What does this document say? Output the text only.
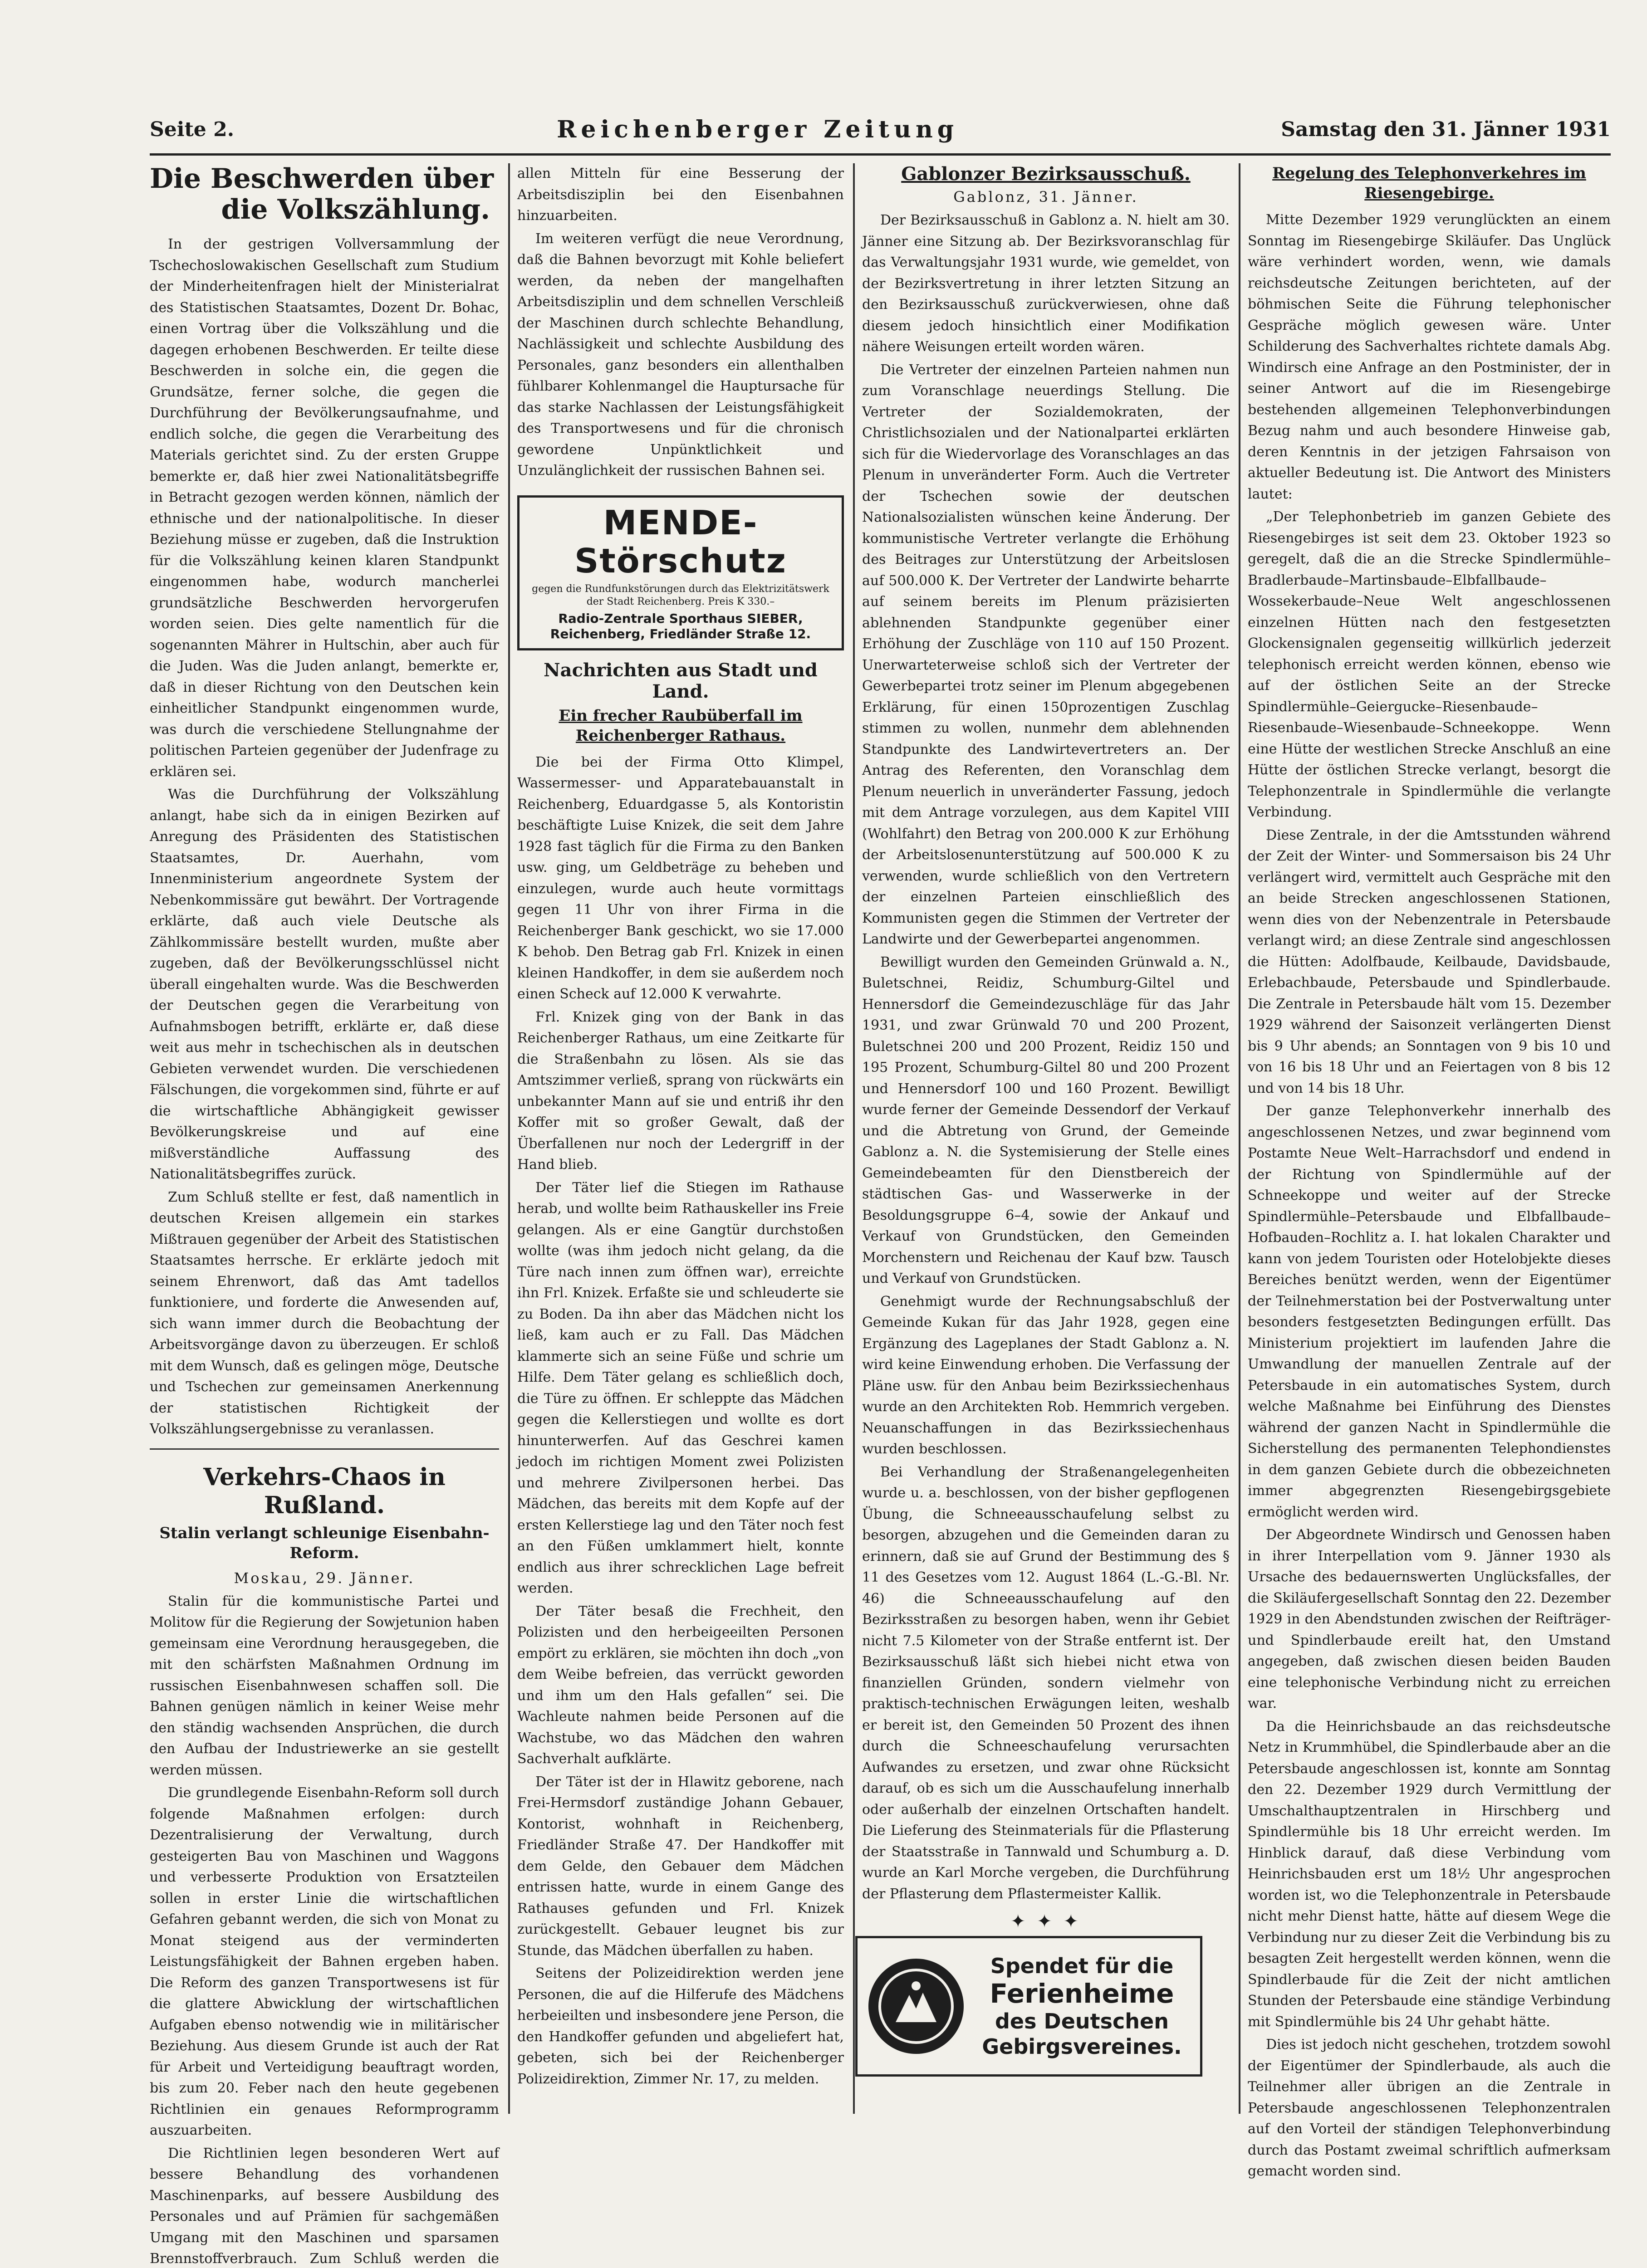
Seite 2.	Reichenberger Zeitung	Samstag den 31. Jänner 1931
Die Beschwerden über
die Volkszählung.

In der gestrigen Vollversammlung der Tschechoslowakischen Gesellschaft zum Studium der Minderheitenfragen hielt der Ministerialrat des Statistischen Staatsamtes, Dozent Dr. Bohac, einen Vortrag über die Volkszählung und die dagegen erhobenen Beschwerden. Er teilte diese Beschwerden in solche ein, die gegen die Grundsätze, ferner solche, die gegen die Durchführung der Bevölkerungsaufnahme, und endlich solche, die gegen die Verarbeitung des Materials gerichtet sind. Zu der ersten Gruppe bemerkte er, daß hier zwei Nationalitätsbegriffe in Betracht gezogen werden können, nämlich der ethnische und der nationalpolitische. In dieser Beziehung müsse er zugeben, daß die Instruktion für die Volkszählung keinen klaren Standpunkt eingenommen habe, wodurch mancherlei grundsätzliche Beschwerden hervorgerufen worden seien. Dies gelte namentlich für die sogenannten Mährer in Hultschin, aber auch für die Juden. Was die Juden anlangt, bemerkte er, daß in dieser Richtung von den Deutschen kein einheitlicher Standpunkt eingenommen wurde, was durch die verschiedene Stellungnahme der politischen Parteien gegenüber der Judenfrage zu erklären sei.

Was die Durchführung der Volkszählung anlangt, habe sich da in einigen Bezirken auf Anregung des Präsidenten des Statistischen Staatsamtes, Dr. Auerhahn, vom Innenministerium angeordnete System der Nebenkommissäre gut bewährt. Der Vortragende erklärte, daß auch viele Deutsche als Zählkommissäre bestellt wurden, mußte aber zugeben, daß der Bevölkerungsschlüssel nicht überall eingehalten wurde. Was die Beschwerden der Deutschen gegen die Verarbeitung von Aufnahmsbogen betrifft, erklärte er, daß diese weit aus mehr in tschechischen als in deutschen Gebieten verwendet wurden. Die verschiedenen Fälschungen, die vorgekommen sind, führte er auf die wirtschaftliche Abhängigkeit gewisser Bevölkerungskreise und auf eine mißverständliche Auffassung des Nationalitätsbegriffes zurück.

Zum Schluß stellte er fest, daß namentlich in deutschen Kreisen allgemein ein starkes Mißtrauen gegenüber der Arbeit des Statistischen Staatsamtes herrsche. Er erklärte jedoch mit seinem Ehrenwort, daß das Amt tadellos funktioniere, und forderte die Anwesenden auf, sich wann immer durch die Beobachtung der Arbeitsvorgänge davon zu überzeugen. Er schloß mit dem Wunsch, daß es gelingen möge, Deutsche und Tschechen zur gemeinsamen Anerkennung der statistischen Richtigkeit der Volkszählungsergebnisse zu veranlassen.

Verkehrs-Chaos in Rußland.
Stalin verlangt schleunige Eisenbahn-Reform.
Moskau, 29. Jänner.

Stalin für die kommunistische Partei und Molitow für die Regierung der Sowjetunion haben gemeinsam eine Verordnung herausgegeben, die mit den schärfsten Maßnahmen Ordnung im russischen Eisenbahnwesen schaffen soll. Die Bahnen genügen nämlich in keiner Weise mehr den ständig wachsenden Ansprüchen, die durch den Aufbau der Industriewerke an sie gestellt werden müssen.

Die grundlegende Eisenbahn-Reform soll durch folgende Maßnahmen erfolgen: durch Dezentralisierung der Verwaltung, durch gesteigerten Bau von Maschinen und Waggons und verbesserte Produktion von Ersatzteilen sollen in erster Linie die wirtschaftlichen Gefahren gebannt werden, die sich von Monat zu Monat steigend aus der verminderten Leistungsfähigkeit der Bahnen ergeben haben. Die Reform des ganzen Transportwesens ist für die glattere Abwicklung der wirtschaftlichen Aufgaben ebenso notwendig wie in militärischer Beziehung. Aus diesem Grunde ist auch der Rat für Arbeit und Verteidigung beauftragt worden, bis zum 20. Feber nach den heute gegebenen Richtlinien ein genaues Reformprogramm auszuarbeiten.

Die Richtlinien legen besonderen Wert auf bessere Behandlung des vorhandenen Maschinenparks, auf bessere Ausbildung des Personales und auf Prämien für sachgemäßen Umgang mit den Maschinen und sparsamen Brennstoffverbrauch. Zum Schluß werden die

allen Mitteln für eine Besserung der Arbeitsdisziplin bei den Eisenbahnen hinzuarbeiten.

Im weiteren verfügt die neue Verordnung, daß die Bahnen bevorzugt mit Kohle beliefert werden, da neben der mangelhaften Arbeitsdisziplin und dem schnellen Verschleiß der Maschinen durch schlechte Behandlung, Nachlässigkeit und schlechte Ausbildung des Personales, ganz besonders ein allenthalben fühlbarer Kohlenmangel die Hauptursache für das starke Nachlassen der Leistungsfähigkeit des Transportwesens und für die chronisch gewordene Unpünktlichkeit und Unzulänglichkeit der russischen Bahnen sei.

MENDE-Störschutz
gegen die Rundfunkstörungen durch das Elektrizitätswerk der Stadt Reichenberg. Preis K 330.–
Radio-Zentrale Sporthaus SIEBER,
Reichenberg, Friedländer Straße 12.
Nachrichten aus Stadt und Land.
Ein frecher Raubüberfall im Reichenberger Rathaus.

Die bei der Firma Otto Klimpel, Wassermesser- und Apparatebauanstalt in Reichenberg, Eduardgasse 5, als Kontoristin beschäftigte Luise Knizek, die seit dem Jahre 1928 fast täglich für die Firma zu den Banken usw. ging, um Geldbeträge zu beheben und einzulegen, wurde auch heute vormittags gegen 11 Uhr von ihrer Firma in die Reichenberger Bank geschickt, wo sie 17.000 K behob. Den Betrag gab Frl. Knizek in einen kleinen Handkoffer, in dem sie außerdem noch einen Scheck auf 12.000 K verwahrte.

Frl. Knizek ging von der Bank in das Reichenberger Rathaus, um eine Zeitkarte für die Straßenbahn zu lösen. Als sie das Amtszimmer verließ, sprang von rückwärts ein unbekannter Mann auf sie und entriß ihr den Koffer mit so großer Gewalt, daß der Überfallenen nur noch der Ledergriff in der Hand blieb.

Der Täter lief die Stiegen im Rathause herab, und wollte beim Rathauskeller ins Freie gelangen. Als er eine Gangtür durchstoßen wollte (was ihm jedoch nicht gelang, da die Türe nach innen zum öffnen war), erreichte ihn Frl. Knizek. Erfaßte sie und schleuderte sie zu Boden. Da ihn aber das Mädchen nicht los ließ, kam auch er zu Fall. Das Mädchen klammerte sich an seine Füße und schrie um Hilfe. Dem Täter gelang es schließlich doch, die Türe zu öffnen. Er schleppte das Mädchen gegen die Kellerstiegen und wollte es dort hinunterwerfen. Auf das Geschrei kamen jedoch im richtigen Moment zwei Polizisten und mehrere Zivilpersonen herbei. Das Mädchen, das bereits mit dem Kopfe auf der ersten Kellerstiege lag und den Täter noch fest an den Füßen umklammert hielt, konnte endlich aus ihrer schrecklichen Lage befreit werden.

Der Täter besaß die Frechheit, den Polizisten und den herbeigeeilten Personen empört zu erklären, sie möchten ihn doch „von dem Weibe befreien, das verrückt geworden und ihm um den Hals gefallen“ sei. Die Wachleute nahmen beide Personen auf die Wachstube, wo das Mädchen den wahren Sachverhalt aufklärte.

Der Täter ist der in Hlawitz geborene, nach Frei-Hermsdorf zuständige Johann Gebauer, Kontorist, wohnhaft in Reichenberg, Friedländer Straße 47. Der Handkoffer mit dem Gelde, den Gebauer dem Mädchen entrissen hatte, wurde in einem Gange des Rathauses gefunden und Frl. Knizek zurückgestellt. Gebauer leugnet bis zur Stunde, das Mädchen überfallen zu haben.

Seitens der Polizeidirektion werden jene Personen, die auf die Hilferufe des Mädchens herbeieilten und insbesondere jene Person, die den Handkoffer gefunden und abgeliefert hat, gebeten, sich bei der Reichenberger Polizeidirektion, Zimmer Nr. 17, zu melden.

Gablonzer Bezirksausschuß.
Gablonz, 31. Jänner.

Der Bezirksausschuß in Gablonz a. N. hielt am 30. Jänner eine Sitzung ab. Der Bezirksvoranschlag für das Verwaltungsjahr 1931 wurde, wie gemeldet, von der Bezirksvertretung in ihrer letzten Sitzung an den Bezirksausschuß zurückverwiesen, ohne daß diesem jedoch hinsichtlich einer Modifikation nähere Weisungen erteilt worden wären.

Die Vertreter der einzelnen Parteien nahmen nun zum Voranschlage neuerdings Stellung. Die Vertreter der Sozialdemokraten, der Christlichsozialen und der Nationalpartei erklärten sich für die Wiedervorlage des Voranschlages an das Plenum in unveränderter Form. Auch die Vertreter der Tschechen sowie der deutschen Nationalsozialisten wünschen keine Änderung. Der kommunistische Vertreter verlangte die Erhöhung des Beitrages zur Unterstützung der Arbeitslosen auf 500.000 K. Der Vertreter der Landwirte beharrte auf seinem bereits im Plenum präzisierten ablehnenden Standpunkte gegenüber einer Erhöhung der Zuschläge von 110 auf 150 Prozent. Unerwarteterweise schloß sich der Vertreter der Gewerbepartei trotz seiner im Plenum abgegebenen Erklärung, für einen 150prozentigen Zuschlag stimmen zu wollen, nunmehr dem ablehnenden Standpunkte des Landwirtevertreters an. Der Antrag des Referenten, den Voranschlag dem Plenum neuerlich in unveränderter Fassung, jedoch mit dem Antrage vorzulegen, aus dem Kapitel VIII (Wohlfahrt) den Betrag von 200.000 K zur Erhöhung der Arbeitslosenunterstützung auf 500.000 K zu verwenden, wurde schließlich von den Vertretern der einzelnen Parteien einschließlich des Kommunisten gegen die Stimmen der Vertreter der Landwirte und der Gewerbepartei angenommen.

Bewilligt wurden den Gemeinden Grünwald a. N., Buletschnei, Reidiz, Schumburg-Giltel und Hennersdorf die Gemeindezuschläge für das Jahr 1931, und zwar Grünwald 70 und 200 Prozent, Buletschnei 200 und 200 Prozent, Reidiz 150 und 195 Prozent, Schumburg-Giltel 80 und 200 Prozent und Hennersdorf 100 und 160 Prozent. Bewilligt wurde ferner der Gemeinde Dessendorf der Verkauf und die Abtretung von Grund, der Gemeinde Gablonz a. N. die Systemisierung der Stelle eines Gemeindebeamten für den Dienstbereich der städtischen Gas- und Wasserwerke in der Besoldungsgruppe 6–4, sowie der Ankauf und Verkauf von Grundstücken, den Gemeinden Morchenstern und Reichenau der Kauf bzw. Tausch und Verkauf von Grundstücken.

Genehmigt wurde der Rechnungsabschluß der Gemeinde Kukan für das Jahr 1928, gegen eine Ergänzung des Lageplanes der Stadt Gablonz a. N. wird keine Einwendung erhoben. Die Verfassung der Pläne usw. für den Anbau beim Bezirkssiechenhaus wurde an den Architekten Rob. Hemmrich vergeben. Neuanschaffungen in das Bezirkssiechenhaus wurden beschlossen.

Bei Verhandlung der Straßenangelegenheiten wurde u. a. beschlossen, von der bisher gepflogenen Übung, die Schneeausschaufelung selbst zu besorgen, abzugehen und die Gemeinden daran zu erinnern, daß sie auf Grund der Bestimmung des § 11 des Gesetzes vom 12. August 1864 (L.-G.-Bl. Nr. 46) die Schneeausschaufelung auf den Bezirksstraßen zu besorgen haben, wenn ihr Gebiet nicht 7.5 Kilometer von der Straße entfernt ist. Der Bezirksausschuß läßt sich hiebei nicht etwa von finanziellen Gründen, sondern vielmehr von praktisch-technischen Erwägungen leiten, weshalb er bereit ist, den Gemeinden 50 Prozent des ihnen durch die Schneeschaufelung verursachten Aufwandes zu ersetzen, und zwar ohne Rücksicht darauf, ob es sich um die Ausschaufelung innerhalb oder außerhalb der einzelnen Ortschaften handelt. Die Lieferung des Steinmaterials für die Pflasterung der Staatsstraße in Tannwald und Schumburg a. D. wurde an Karl Morche vergeben, die Durchführung der Pflasterung dem Pflastermeister Kallik.

✦ ✦ ✦
Spendet für die
Ferienheime
des Deutschen
Gebirgsvereines.
Regelung des Telephonverkehres im Riesengebirge.

Mitte Dezember 1929 verunglückten an einem Sonntag im Riesengebirge Skiläufer. Das Unglück wäre verhindert worden, wenn, wie damals reichsdeutsche Zeitungen berichteten, auf der böhmischen Seite die Führung telephonischer Gespräche möglich gewesen wäre. Unter Schilderung des Sachverhaltes richtete damals Abg. Windirsch eine Anfrage an den Postminister, der in seiner Antwort auf die im Riesengebirge bestehenden allgemeinen Telephonverbindungen Bezug nahm und auch besondere Hinweise gab, deren Kenntnis in der jetzigen Fahrsaison von aktueller Bedeutung ist. Die Antwort des Ministers lautet:

„Der Telephonbetrieb im ganzen Gebiete des Riesengebirges ist seit dem 23. Oktober 1923 so geregelt, daß die an die Strecke Spindlermühle–Bradlerbaude–Martinsbaude–Elbfallbaude–Wossekerbaude–Neue Welt angeschlossenen einzelnen Hütten nach den festgesetzten Glockensignalen gegenseitig willkürlich jederzeit telephonisch erreicht werden können, ebenso wie auf der östlichen Seite an der Strecke Spindlermühle–Geiergucke–Riesenbaude–Riesenbaude–Wiesenbaude–Schneekoppe. Wenn eine Hütte der westlichen Strecke Anschluß an eine Hütte der östlichen Strecke verlangt, besorgt die Telephonzentrale in Spindlermühle die verlangte Verbindung.

Diese Zentrale, in der die Amtsstunden während der Zeit der Winter- und Sommersaison bis 24 Uhr verlängert wird, vermittelt auch Gespräche mit den an beide Strecken angeschlossenen Stationen, wenn dies von der Nebenzentrale in Petersbaude verlangt wird; an diese Zentrale sind angeschlossen die Hütten: Adolfbaude, Keilbaude, Davidsbaude, Erlebachbaude, Petersbaude und Spindlerbaude. Die Zentrale in Petersbaude hält vom 15. Dezember 1929 während der Saisonzeit verlängerten Dienst bis 9 Uhr abends; an Sonntagen von 9 bis 10 und von 16 bis 18 Uhr und an Feiertagen von 8 bis 12 und von 14 bis 18 Uhr.

Der ganze Telephonverkehr innerhalb des angeschlossenen Netzes, und zwar beginnend vom Postamte Neue Welt–Harrachsdorf und endend in der Richtung von Spindlermühle auf der Schneekoppe und weiter auf der Strecke Spindlermühle–Petersbaude und Elbfallbaude–Hofbauden–Rochlitz a. I. hat lokalen Charakter und kann von jedem Touristen oder Hotelobjekte dieses Bereiches benützt werden, wenn der Eigentümer der Teilnehmerstation bei der Postverwaltung unter besonders festgesetzten Bedingungen erfüllt. Das Ministerium projektiert im laufenden Jahre die Umwandlung der manuellen Zentrale auf der Petersbaude in ein automatisches System, durch welche Maßnahme bei Einführung des Dienstes während der ganzen Nacht in Spindlermühle die Sicherstellung des permanenten Telephondienstes in dem ganzen Gebiete durch die obbezeichneten immer abgegrenzten Riesengebirgsgebiete ermöglicht werden wird.

Der Abgeordnete Windirsch und Genossen haben in ihrer Interpellation vom 9. Jänner 1930 als Ursache des bedauernswerten Unglücksfalles, der die Skiläufergesellschaft Sonntag den 22. Dezember 1929 in den Abendstunden zwischen der Reifträger- und Spindlerbaude ereilt hat, den Umstand angegeben, daß zwischen diesen beiden Bauden eine telephonische Verbindung nicht zu erreichen war.

Da die Heinrichsbaude an das reichsdeutsche Netz in Krummhübel, die Spindlerbaude aber an die Petersbaude angeschlossen ist, konnte am Sonntag den 22. Dezember 1929 durch Vermittlung der Umschalthauptzentralen in Hirschberg und Spindlermühle bis 18 Uhr erreicht werden. Im Hinblick darauf, daß diese Verbindung vom Heinrichsbauden erst um 18½ Uhr angesprochen worden ist, wo die Telephonzentrale in Petersbaude nicht mehr Dienst hatte, hätte auf diesem Wege die Verbindung nur zu dieser Zeit die Verbindung bis zu besagten Zeit hergestellt werden können, wenn die Spindlerbaude für die Zeit der nicht amtlichen Stunden der Petersbaude eine ständige Verbindung mit Spindlermühle bis 24 Uhr gehabt hätte.

Dies ist jedoch nicht geschehen, trotzdem sowohl der Eigentümer der Spindlerbaude, als auch die Teilnehmer aller übrigen an die Zentrale in Petersbaude angeschlossenen Telephonzentralen auf den Vorteil der ständigen Telephonverbindung durch das Postamt zweimal schriftlich aufmerksam gemacht worden sind.
